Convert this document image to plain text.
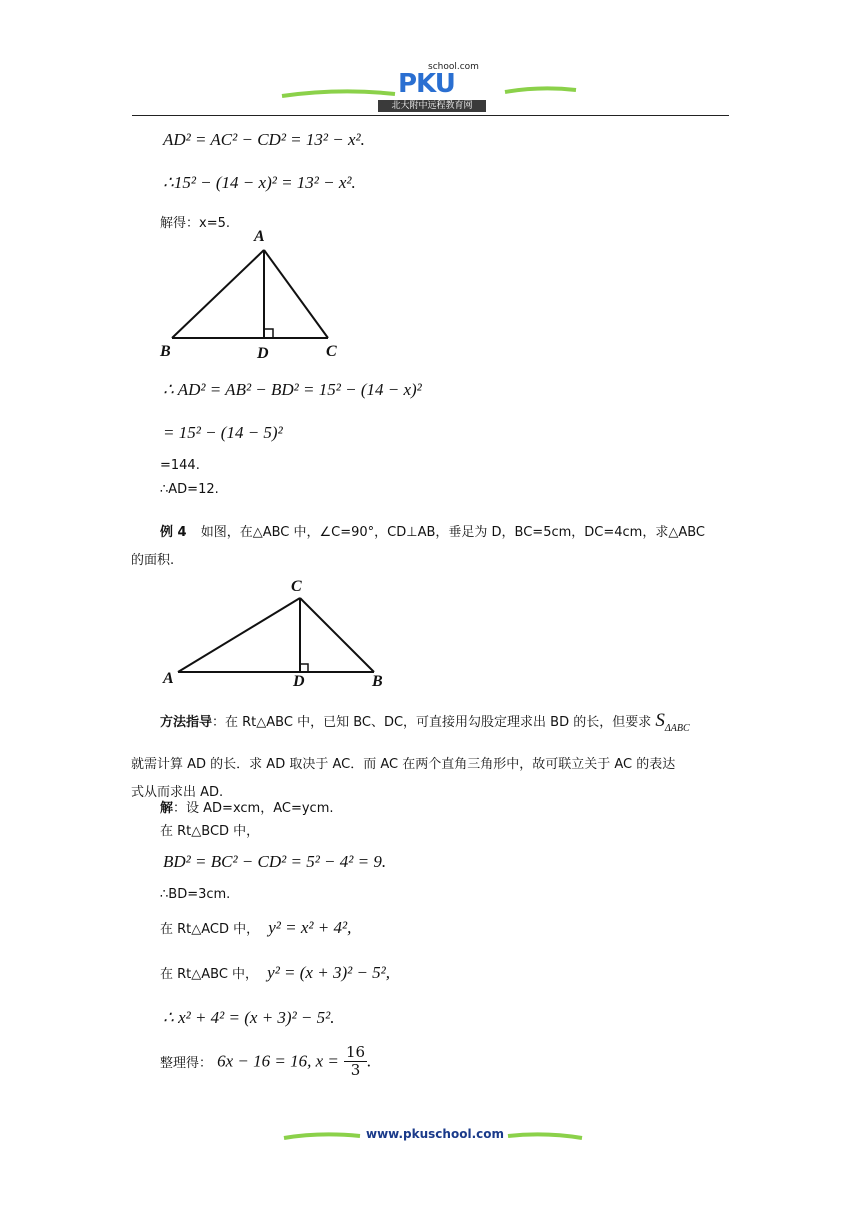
school.com
PKU
北大附中远程教育网
AD² = AC² − CD² = 13² − x².
∴15² − (14 − x)² = 13² − x².
解得：x=5.
A
B	D	C
∴ AD² = AB² − BD² = 15² − (14 − x)²
= 15² − (14 − 5)²
=144.
∴AD=12.
例 4 如图，在△ABC 中，∠C=90°，CD⊥AB，垂足为 D，BC=5cm，DC=4cm，求△ABC
的面积.
C
A	D	B
方法指导：在 Rt△ABC 中，已知 BC、DC，可直接用勾股定理求出 BD 的长，但要求 $S_{\Delta ABC}$
就需计算 AD 的长．求 AD 取决于 AC．而 AC 在两个直角三角形中，故可联立关于 AC 的表达
式从而求出 AD.
解：设 AD=xcm，AC=ycm.
在 Rt△BCD 中，
BD² = BC² − CD² = 5² − 4² = 9.
∴BD=3cm.
在 Rt△ACD 中， y² = x² + 4²,
在 Rt△ABC 中， y² = (x + 3)² − 5²,
∴ x² + 4² = (x + 3)² − 5².
整理得： 6x − 16 = 16, $x = \frac{16}{3}$ .
www.pkuschool.com
